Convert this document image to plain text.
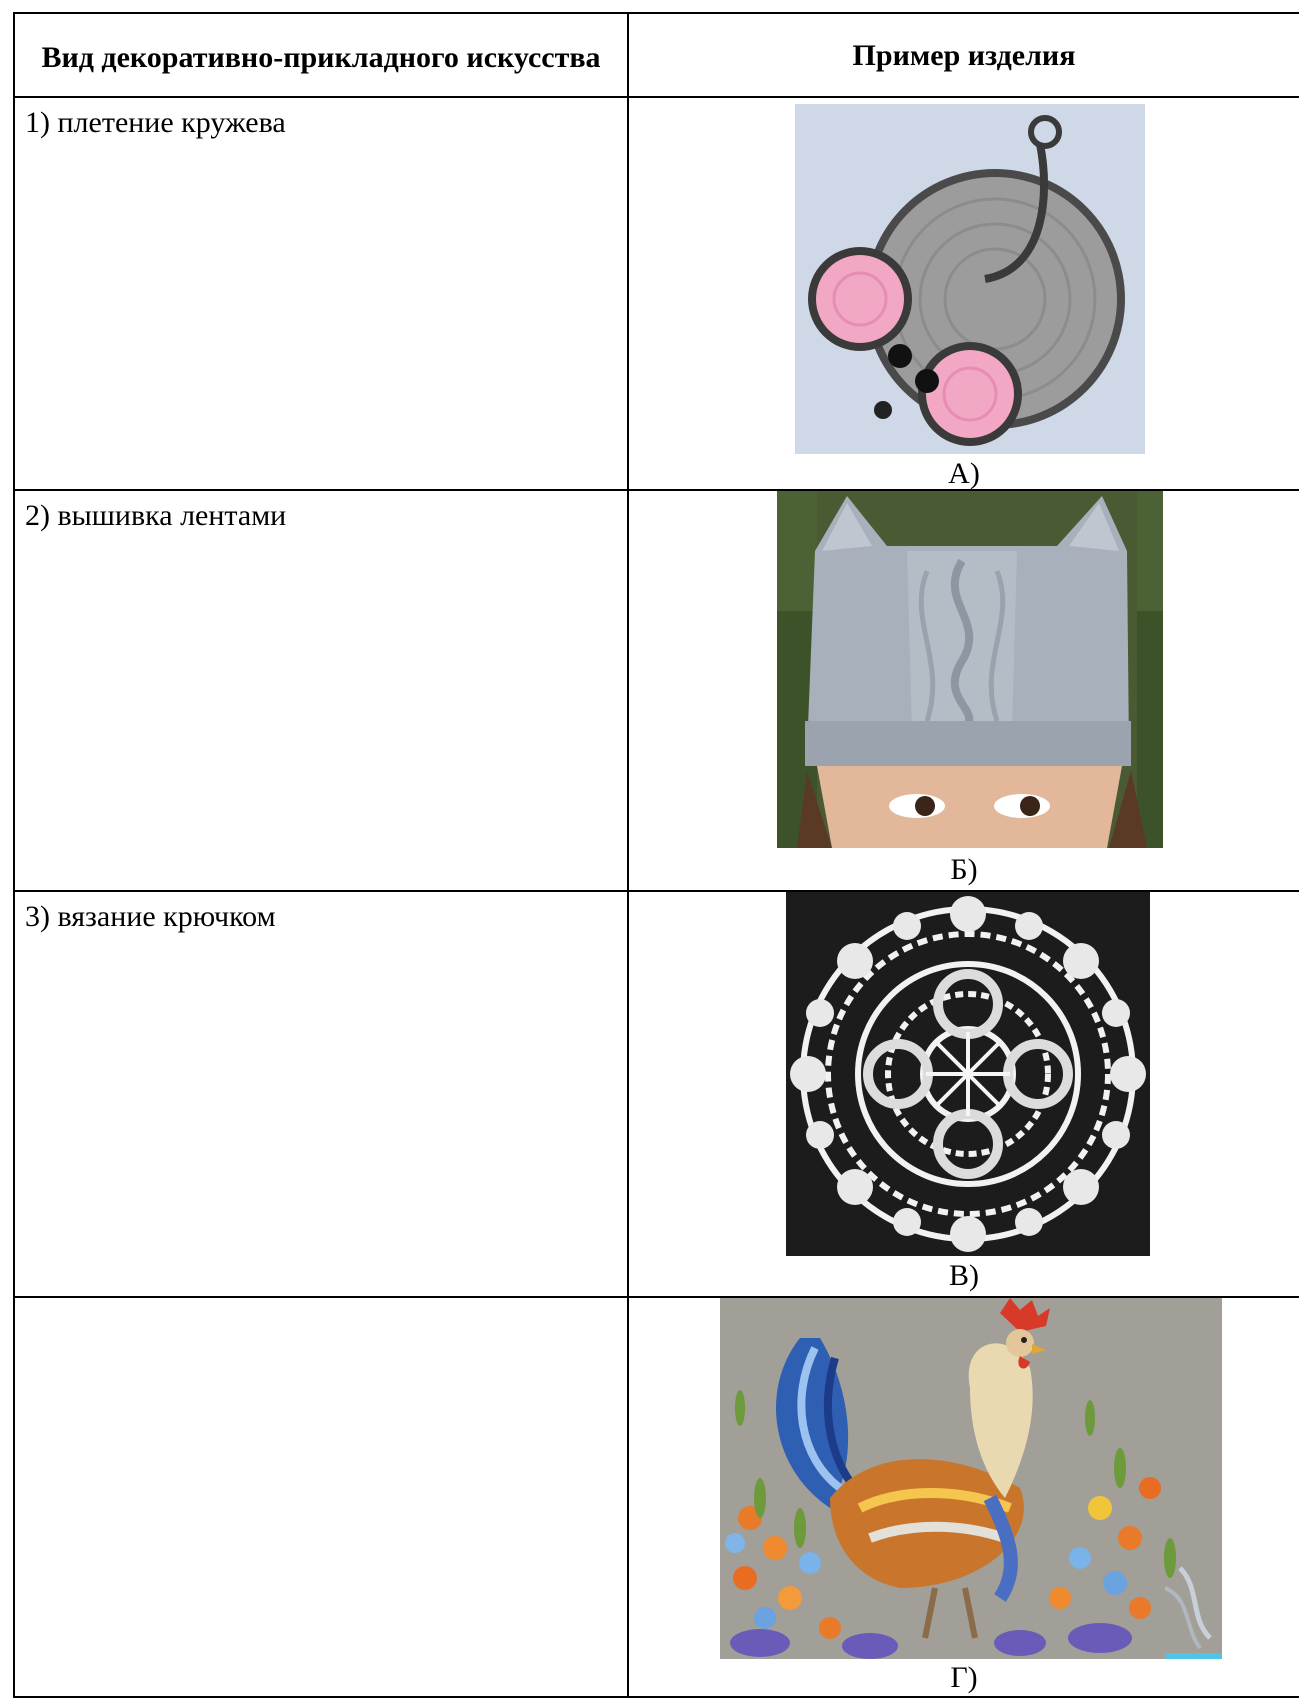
Вид декоративно-прикладного искусства	Пример изделия
1) плетение кружева	А)

2) вышивка лентами	Б)

3) вязание крючком	В)

	Г)
